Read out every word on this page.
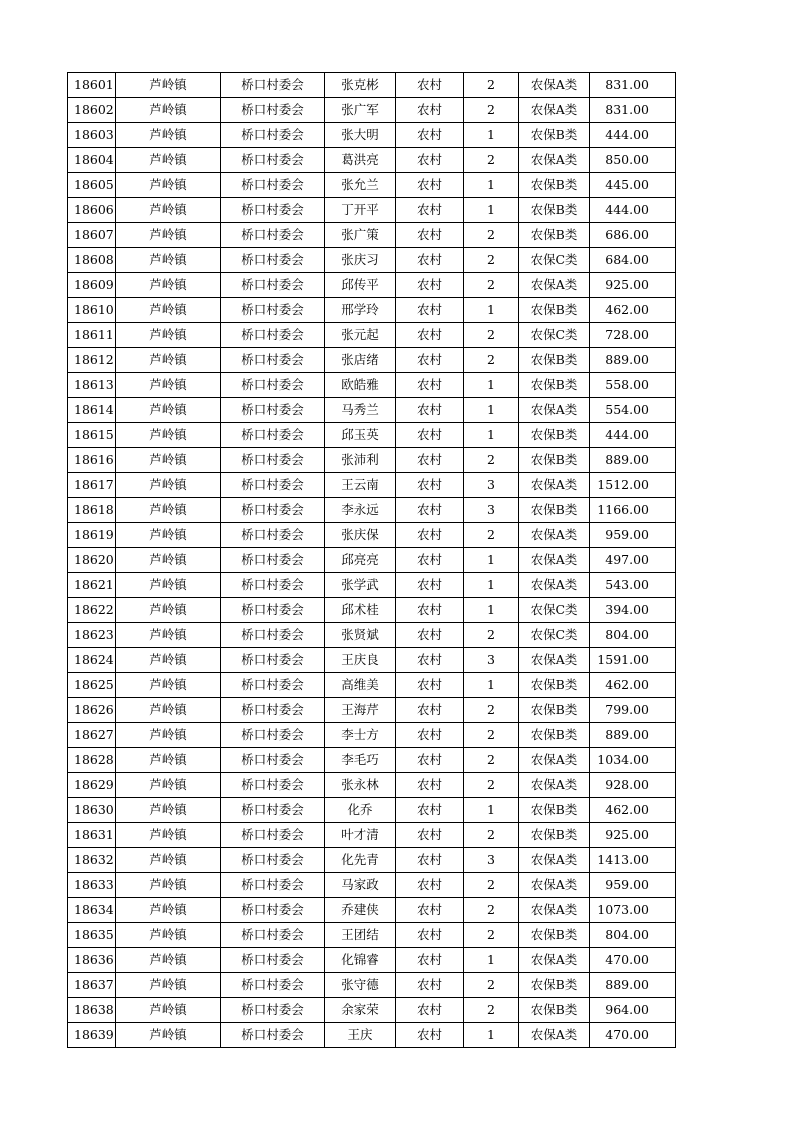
18601	芦岭镇	桥口村委会	张克彬	农村	2	农保A类	831.00
18602	芦岭镇	桥口村委会	张广军	农村	2	农保A类	831.00
18603	芦岭镇	桥口村委会	张大明	农村	1	农保B类	444.00
18604	芦岭镇	桥口村委会	葛洪亮	农村	2	农保A类	850.00
18605	芦岭镇	桥口村委会	张允兰	农村	1	农保B类	445.00
18606	芦岭镇	桥口村委会	丁开平	农村	1	农保B类	444.00
18607	芦岭镇	桥口村委会	张广策	农村	2	农保B类	686.00
18608	芦岭镇	桥口村委会	张庆习	农村	2	农保C类	684.00
18609	芦岭镇	桥口村委会	邱传平	农村	2	农保A类	925.00
18610	芦岭镇	桥口村委会	邢学玲	农村	1	农保B类	462.00
18611	芦岭镇	桥口村委会	张元起	农村	2	农保C类	728.00
18612	芦岭镇	桥口村委会	张店绪	农村	2	农保B类	889.00
18613	芦岭镇	桥口村委会	欧皓雅	农村	1	农保B类	558.00
18614	芦岭镇	桥口村委会	马秀兰	农村	1	农保A类	554.00
18615	芦岭镇	桥口村委会	邱玉英	农村	1	农保B类	444.00
18616	芦岭镇	桥口村委会	张沛利	农村	2	农保B类	889.00
18617	芦岭镇	桥口村委会	王云南	农村	3	农保A类	1512.00
18618	芦岭镇	桥口村委会	李永远	农村	3	农保B类	1166.00
18619	芦岭镇	桥口村委会	张庆保	农村	2	农保A类	959.00
18620	芦岭镇	桥口村委会	邱亮亮	农村	1	农保A类	497.00
18621	芦岭镇	桥口村委会	张学武	农村	1	农保A类	543.00
18622	芦岭镇	桥口村委会	邱术桂	农村	1	农保C类	394.00
18623	芦岭镇	桥口村委会	张贤斌	农村	2	农保C类	804.00
18624	芦岭镇	桥口村委会	王庆良	农村	3	农保A类	1591.00
18625	芦岭镇	桥口村委会	高维美	农村	1	农保B类	462.00
18626	芦岭镇	桥口村委会	王海芹	农村	2	农保B类	799.00
18627	芦岭镇	桥口村委会	李士方	农村	2	农保B类	889.00
18628	芦岭镇	桥口村委会	李毛巧	农村	2	农保A类	1034.00
18629	芦岭镇	桥口村委会	张永林	农村	2	农保A类	928.00
18630	芦岭镇	桥口村委会	化乔	农村	1	农保B类	462.00
18631	芦岭镇	桥口村委会	叶才清	农村	2	农保B类	925.00
18632	芦岭镇	桥口村委会	化先青	农村	3	农保A类	1413.00
18633	芦岭镇	桥口村委会	马家政	农村	2	农保A类	959.00
18634	芦岭镇	桥口村委会	乔建侠	农村	2	农保A类	1073.00
18635	芦岭镇	桥口村委会	王团结	农村	2	农保B类	804.00
18636	芦岭镇	桥口村委会	化锦睿	农村	1	农保A类	470.00
18637	芦岭镇	桥口村委会	张守德	农村	2	农保B类	889.00
18638	芦岭镇	桥口村委会	余家荣	农村	2	农保B类	964.00
18639	芦岭镇	桥口村委会	王庆	农村	1	农保A类	470.00
